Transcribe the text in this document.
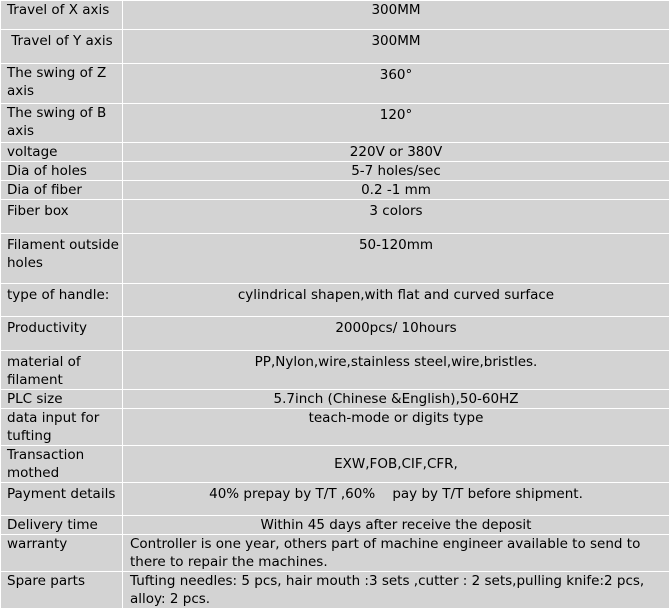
Travel of X axis	300MM
Travel of Y axis	300MM
The swing of Z axis	360°
The swing of B axis	120°
voltage	220V or 380V
Dia of holes	5-7 holes/sec
Dia of fiber	0.2 -1 mm
Fiber box	3 colors
Filament outside holes	50-120mm
type of handle:	cylindrical shapen,with flat and curved surface
Productivity	2000pcs/ 10hours
material of filament	PP,Nylon,wire,stainless steel,wire,bristles.
PLC size	5.7inch (Chinese &English),50-60HZ
data input for tufting	teach-mode or digits type
Transaction mothed	EXW,FOB,CIF,CFR,
Payment details	40% prepay by T/T ,60%    pay by T/T before shipment.
Delivery time	Within 45 days after receive the deposit
warranty	Controller is one year, others part of machine engineer available to send to there to repair the machines.
Spare parts	Tufting needles: 5 pcs, hair mouth :3 sets ,cutter : 2 sets,pulling knife:2 pcs, alloy: 2 pcs.
